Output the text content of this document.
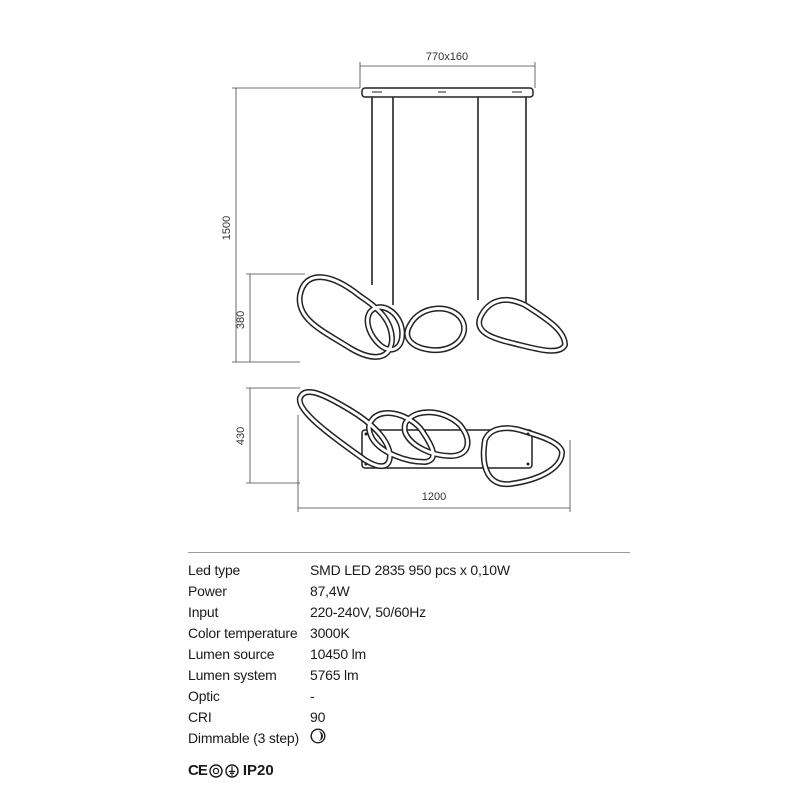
770x160
1500
380
430
1200
Led type	SMD LED 2835 950 pcs x 0,10W
Power	87,4W
Input	220-240V, 50/60Hz
Color temperature 3000K
Lumen source	10450 lm
Lumen system	5765 lm
Optic	-
CRI	90
Dimmable (3 step)
CE IP20
